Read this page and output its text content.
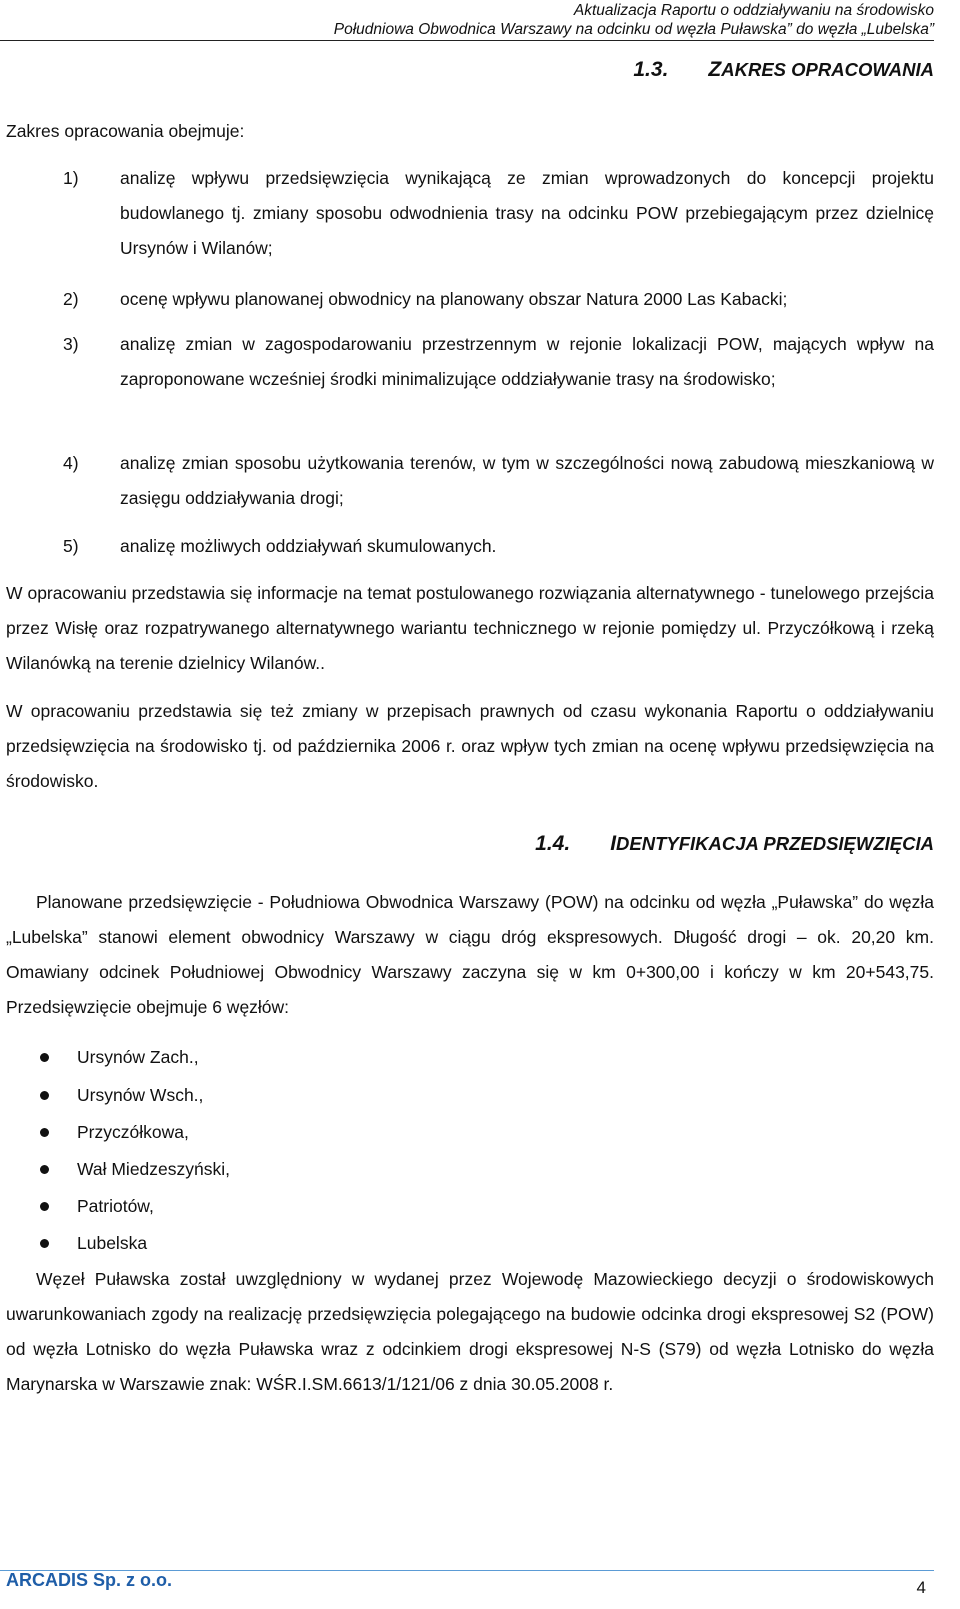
Aktualizacja Raportu o oddziaływaniu na środowisko
Południowa Obwodnica Warszawy na odcinku od węzła Puławska” do węzła „Lubelska”
1.3. ZAKRES OPRACOWANIA
Zakres opracowania obejmuje:
1) analizę wpływu przedsięwzięcia wynikającą ze zmian wprowadzonych do koncepcji projektu budowlanego tj. zmiany sposobu odwodnienia trasy na odcinku POW przebiegającym przez dzielnicę Ursynów i Wilanów;
2) ocenę wpływu planowanej obwodnicy na planowany obszar Natura 2000 Las Kabacki;
3) analizę zmian w zagospodarowaniu przestrzennym w rejonie lokalizacji POW, mających wpływ na zaproponowane wcześniej środki minimalizujące oddziaływanie trasy na środowisko;
4) analizę zmian sposobu użytkowania terenów, w tym w szczególności nową zabudową mieszkaniową w zasięgu oddziaływania drogi;
5) analizę możliwych oddziaływań skumulowanych.
W opracowaniu przedstawia się informacje na temat postulowanego rozwiązania alternatywnego - tunelowego przejścia przez Wisłę oraz rozpatrywanego alternatywnego wariantu technicznego w rejonie pomiędzy ul. Przyczółkową i rzeką Wilanówką na terenie dzielnicy Wilanów..
W opracowaniu przedstawia się też zmiany w przepisach prawnych od czasu wykonania Raportu o oddziaływaniu przedsięwzięcia na środowisko tj. od października 2006 r. oraz wpływ tych zmian na ocenę wpływu przedsięwzięcia na środowisko.
1.4. IDENTYFIKACJA PRZEDSIĘWZIĘCIA
Planowane przedsięwzięcie - Południowa Obwodnica Warszawy (POW) na odcinku od węzła „Puławska” do węzła „Lubelska” stanowi element obwodnicy Warszawy w ciągu dróg ekspresowych. Długość drogi – ok. 20,20 km. Omawiany odcinek Południowej Obwodnicy Warszawy zaczyna się w km 0+300,00 i kończy w km 20+543,75. Przedsięwzięcie obejmuje 6 węzłów:
Ursynów Zach.,
Ursynów Wsch.,
Przyczółkowa,
Wał Miedzeszyński,
Patriotów,
Lubelska
Węzeł Puławska został uwzględniony w wydanej przez Wojewodę Mazowieckiego decyzji o środowiskowych uwarunkowaniach zgody na realizację przedsięwzięcia polegającego na budowie odcinka drogi ekspresowej S2 (POW) od węzła Lotnisko do węzła Puławska wraz z odcinkiem drogi ekspresowej N-S (S79) od węzła Lotnisko do węzła Marynarska w Warszawie znak: WŚR.I.SM.6613/1/121/06 z dnia 30.05.2008 r.
ARCADIS Sp. z o.o.	4
